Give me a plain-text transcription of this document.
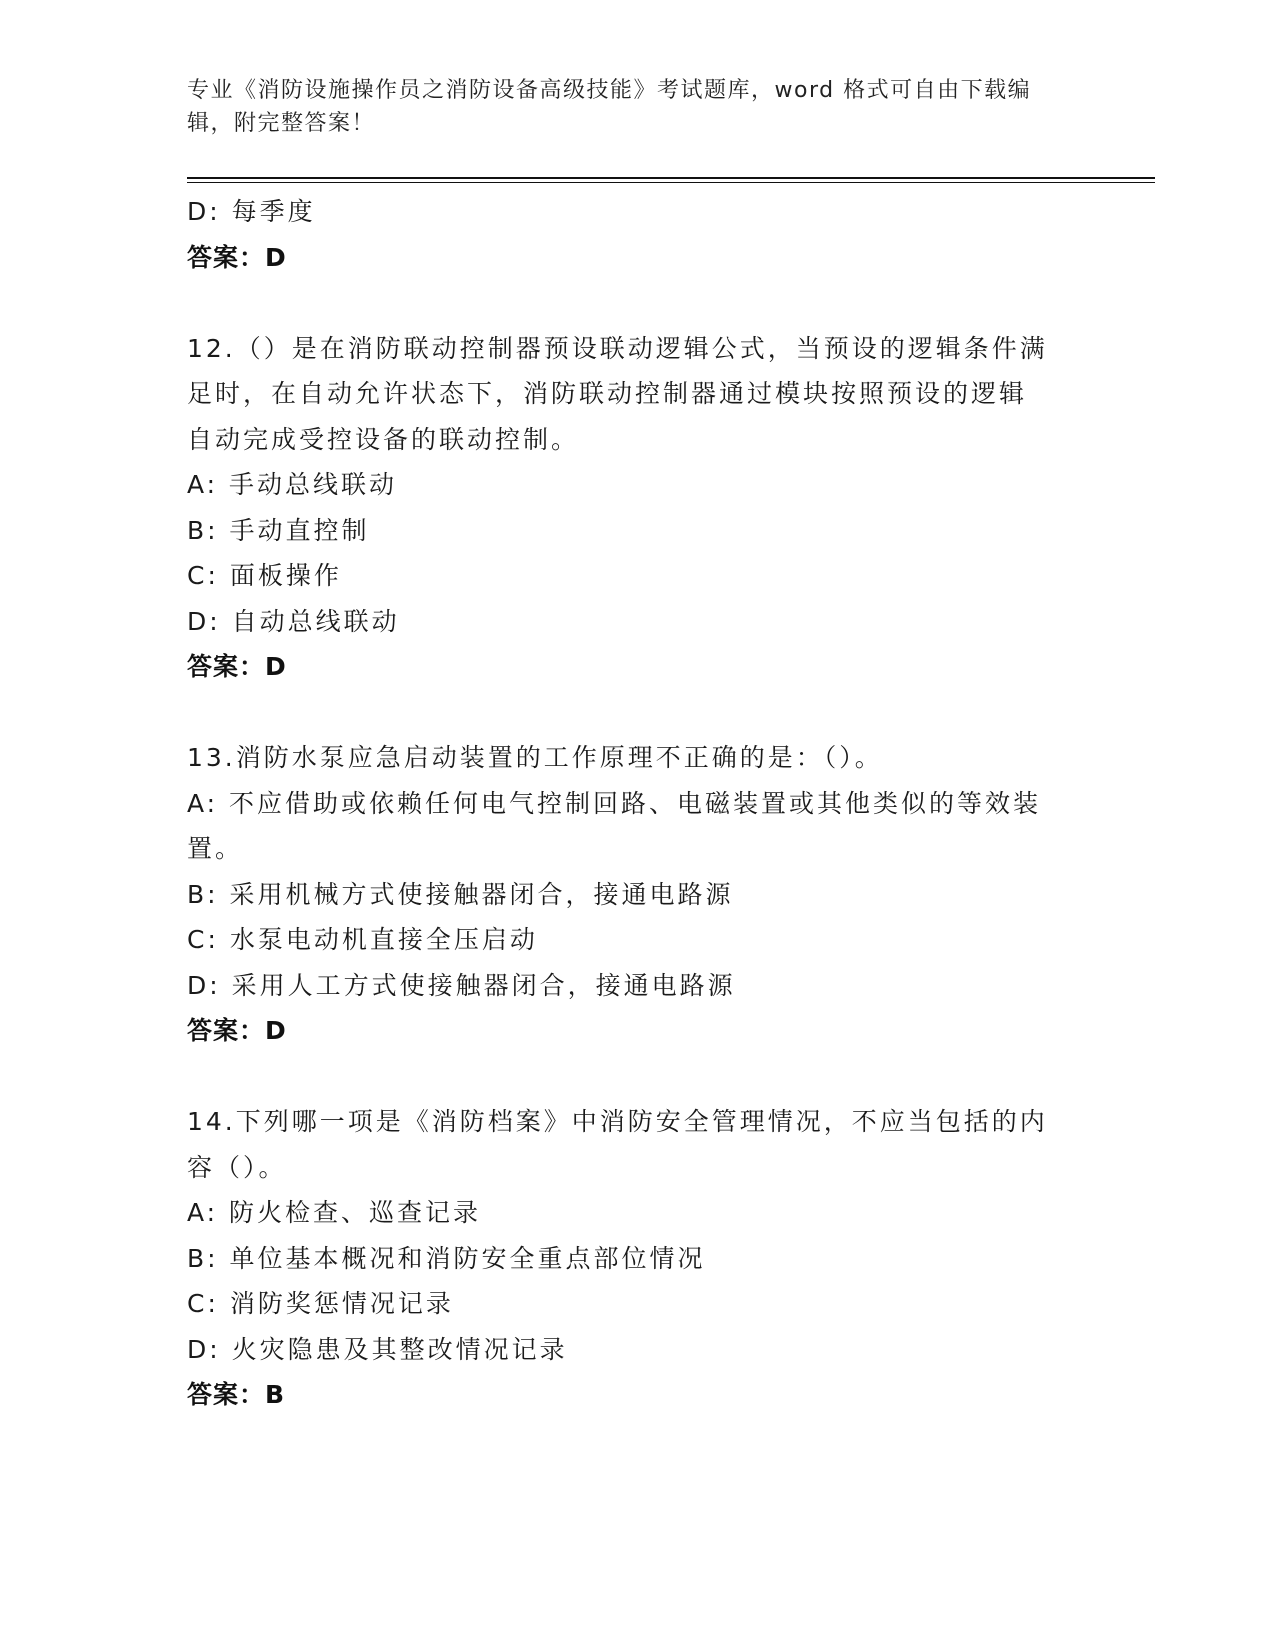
专业《消防设施操作员之消防设备高级技能》考试题库，word 格式可自由下载编
辑，附完整答案！
D: 每季度
答案：D
12.（）是在消防联动控制器预设联动逻辑公式，当预设的逻辑条件满
足时，在自动允许状态下，消防联动控制器通过模块按照预设的逻辑
自动完成受控设备的联动控制。
A: 手动总线联动
B: 手动直控制
C: 面板操作
D: 自动总线联动
答案：D
13.消防水泵应急启动装置的工作原理不正确的是：（）。
A: 不应借助或依赖任何电气控制回路、电磁装置或其他类似的等效装
置。
B: 采用机械方式使接触器闭合，接通电路源
C: 水泵电动机直接全压启动
D: 采用人工方式使接触器闭合，接通电路源
答案：D
14.下列哪一项是《消防档案》中消防安全管理情况，不应当包括的内
容（）。
A: 防火检查、巡查记录
B: 单位基本概况和消防安全重点部位情况
C: 消防奖惩情况记录
D: 火灾隐患及其整改情况记录
答案：B
